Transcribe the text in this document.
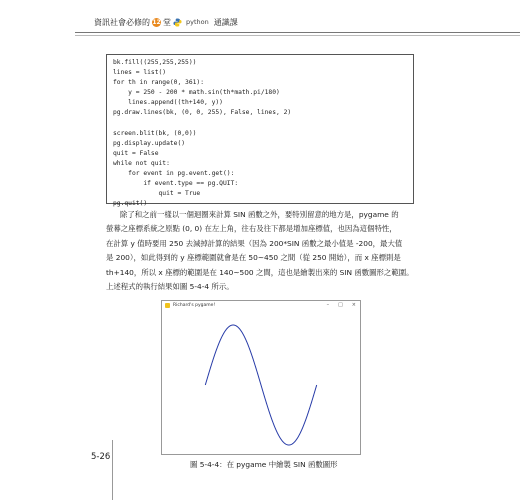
資訊社會必修的 12 堂 python 通識課
bk.fill((255,255,255))
lines = list()
for th in range(0, 361):
y = 250 - 200 * math.sin(th*math.pi/180)
lines.append((th+140, y))
pg.draw.lines(bk, (0, 0, 255), False, lines, 2)
screen.blit(bk, (0,0))
pg.display.update()
quit = False
while not quit:
for event in pg.event.get():
if event.type == pg.QUIT:
quit = True
pg.quit()
除了和之前一樣以一個迴圈來計算 SIN 函數之外，要特別留意的地方是，pygame 的
螢幕之座標系統之原點 (0, 0) 在左上角，往右及往下都是增加座標值，也因為這個特性，
在計算 y 值時要用 250 去減掉計算的結果（因為 200*SIN 函數之最小值是 -200，最大值
是 200），如此得到的 y 座標範圍就會是在 50~450 之間（從 250 開始），而 x 座標則是
th+140，所以 x 座標的範圍是在 140~500 之間，這也是繪製出來的 SIN 函數圖形之範圍。
上述程式的執行結果如圖 5-4-4 所示。
Richard's pygame!	– □ ×
圖 5-4-4：在 pygame 中繪製 SIN 函數圖形
5-26
